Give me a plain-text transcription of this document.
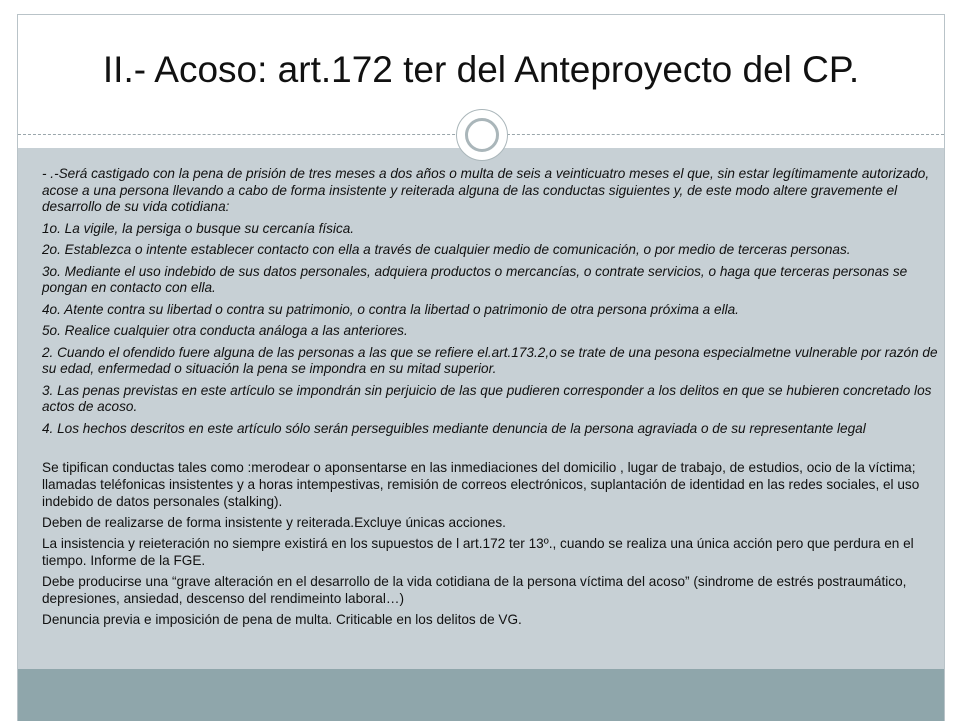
II.- Acoso: art.172 ter del Anteproyecto del CP.

- .-Será castigado con la pena de prisión de tres meses a dos años o multa de seis a veinticuatro meses el que, sin estar legítimamente autorizado, acose a una persona llevando a cabo de forma insistente y reiterada alguna de las conductas siguientes y, de este modo altere gravemente el desarrollo de su vida cotidiana:

1o. La vigile, la persiga o busque su cercanía física.

2o. Establezca o intente establecer contacto con ella a través de cualquier medio de comunicación, o por medio de terceras personas.

3o. Mediante el uso indebido de sus datos personales, adquiera productos o mercancías, o contrate servicios, o haga que terceras personas se pongan en contacto con ella.

4o. Atente contra su libertad o contra su patrimonio, o contra la libertad o patrimonio de otra persona próxima a ella.

5o. Realice cualquier otra conducta análoga a las anteriores.

2. Cuando el ofendido fuere alguna de las personas a las que se refiere el.art.173.2,o se trate de una pesona especialmetne vulnerable por razón de su edad, enfermedad o situación la pena se impondra en su mitad superior.

3. Las penas previstas en este artículo se impondrán sin perjuicio de las que pudieren corresponder a los delitos en que se hubieren concretado los actos de acoso.

4. Los hechos descritos en este artículo sólo serán perseguibles mediante denuncia de la persona agraviada o de su representante legal

Se tipifican conductas tales como :merodear o aponsentarse en las inmediaciones del domicilio , lugar de trabajo, de estudios, ocio de la víctima; llamadas teléfonicas insistentes y a horas intempestivas, remisión de correos electrónicos, suplantación de identidad en las redes sociales, el uso indebido de datos personales (stalking).

Deben de realizarse de forma insistente y reiterada.Excluye únicas acciones.

La insistencia y reieteración no siempre existirá en los supuestos de l art.172 ter 13º., cuando se realiza una única acción pero que perdura en el tiempo. Informe de la FGE.

Debe producirse una “grave alteración en el desarrollo de la vida cotidiana de la persona víctima del acoso” (sindrome de estrés postraumático, depresiones, ansiedad, descenso del rendimeinto laboral…)

Denuncia previa e imposición de pena de multa. Criticable en los delitos de VG.
